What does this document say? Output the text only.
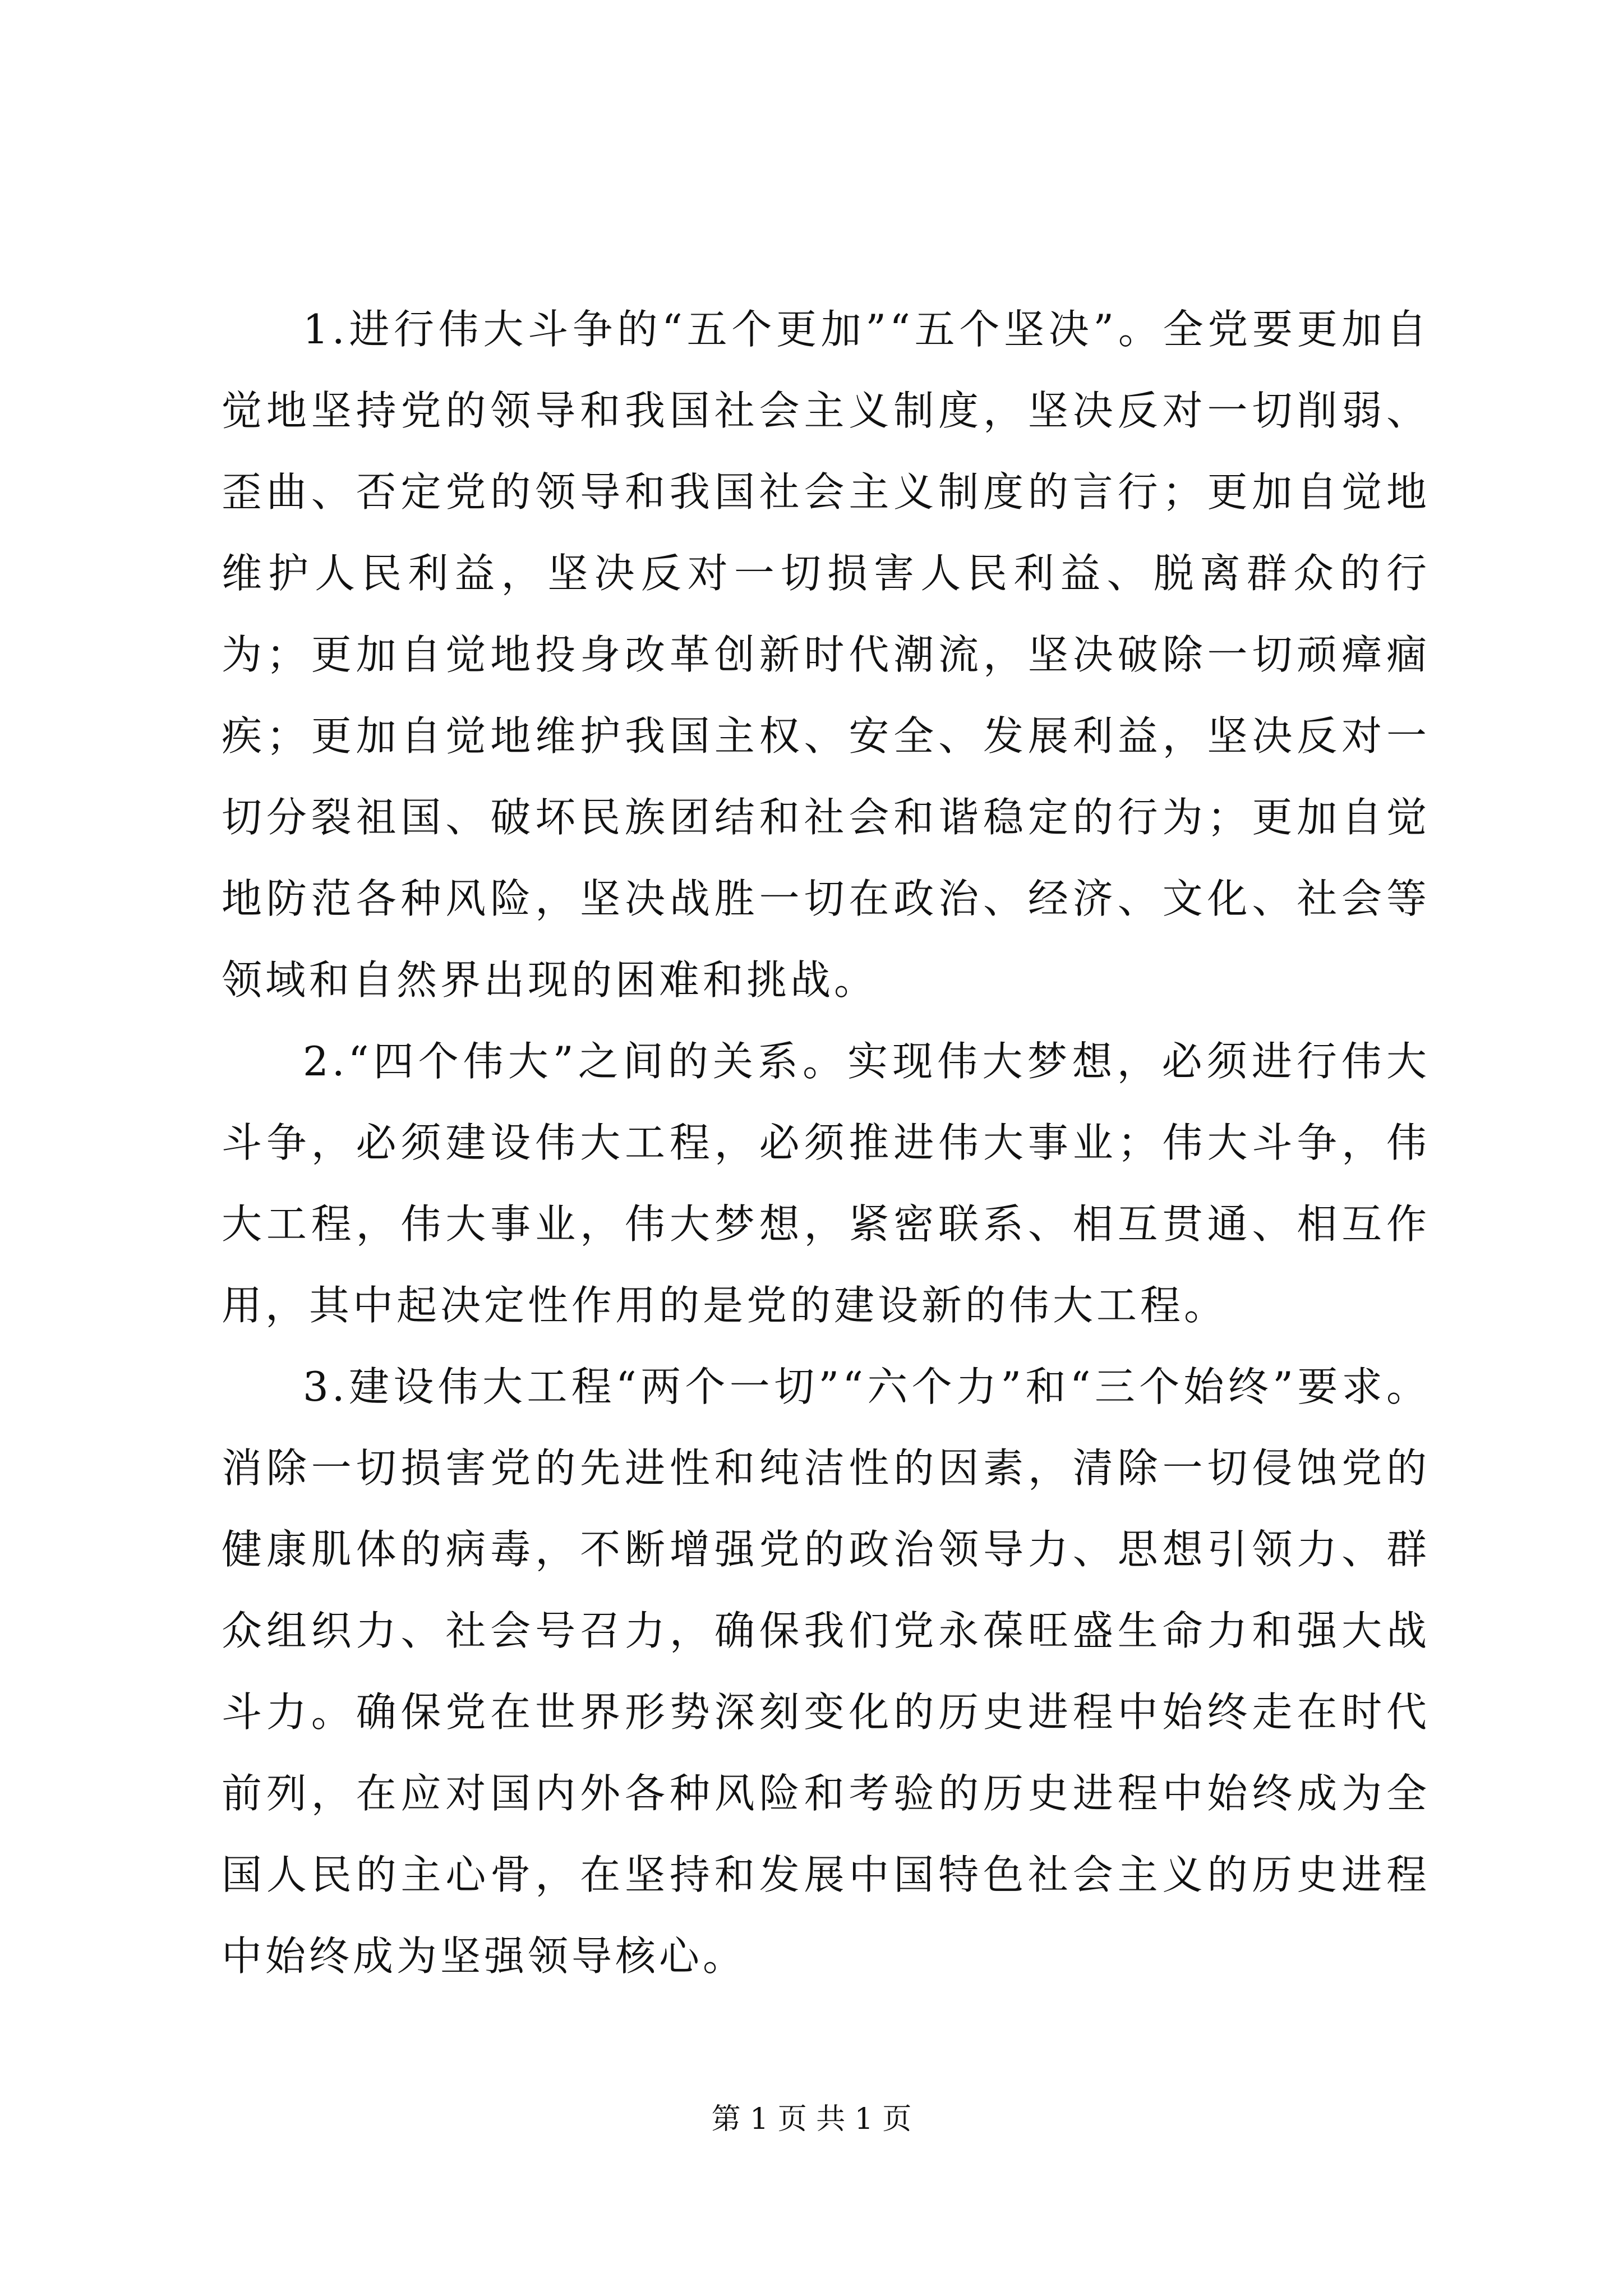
1.进行伟大斗争的“五个更加”“五个坚决”。全党要更加自觉地坚持党的领导和我国社会主义制度，坚决反对一切削弱、歪曲、否定党的领导和我国社会主义制度的言行；更加自觉地维护人民利益，坚决反对一切损害人民利益、脱离群众的行为；更加自觉地投身改革创新时代潮流，坚决破除一切顽瘴痼疾；更加自觉地维护我国主权、安全、发展利益，坚决反对一切分裂祖国、破坏民族团结和社会和谐稳定的行为；更加自觉地防范各种风险，坚决战胜一切在政治、经济、文化、社会等领域和自然界出现的困难和挑战。

2.“四个伟大”之间的关系。实现伟大梦想，必须进行伟大斗争，必须建设伟大工程，必须推进伟大事业；伟大斗争，伟大工程，伟大事业，伟大梦想，紧密联系、相互贯通、相互作用，其中起决定性作用的是党的建设新的伟大工程。

3.建设伟大工程“两个一切”“六个力”和“三个始终”要求。消除一切损害党的先进性和纯洁性的因素，清除一切侵蚀党的健康肌体的病毒，不断增强党的政治领导力、思想引领力、群众组织力、社会号召力，确保我们党永葆旺盛生命力和强大战斗力。确保党在世界形势深刻变化的历史进程中始终走在时代前列，在应对国内外各种风险和考验的历史进程中始终成为全国人民的主心骨，在坚持和发展中国特色社会主义的历史进程中始终成为坚强领导核心。

第 1 页 共 1 页
